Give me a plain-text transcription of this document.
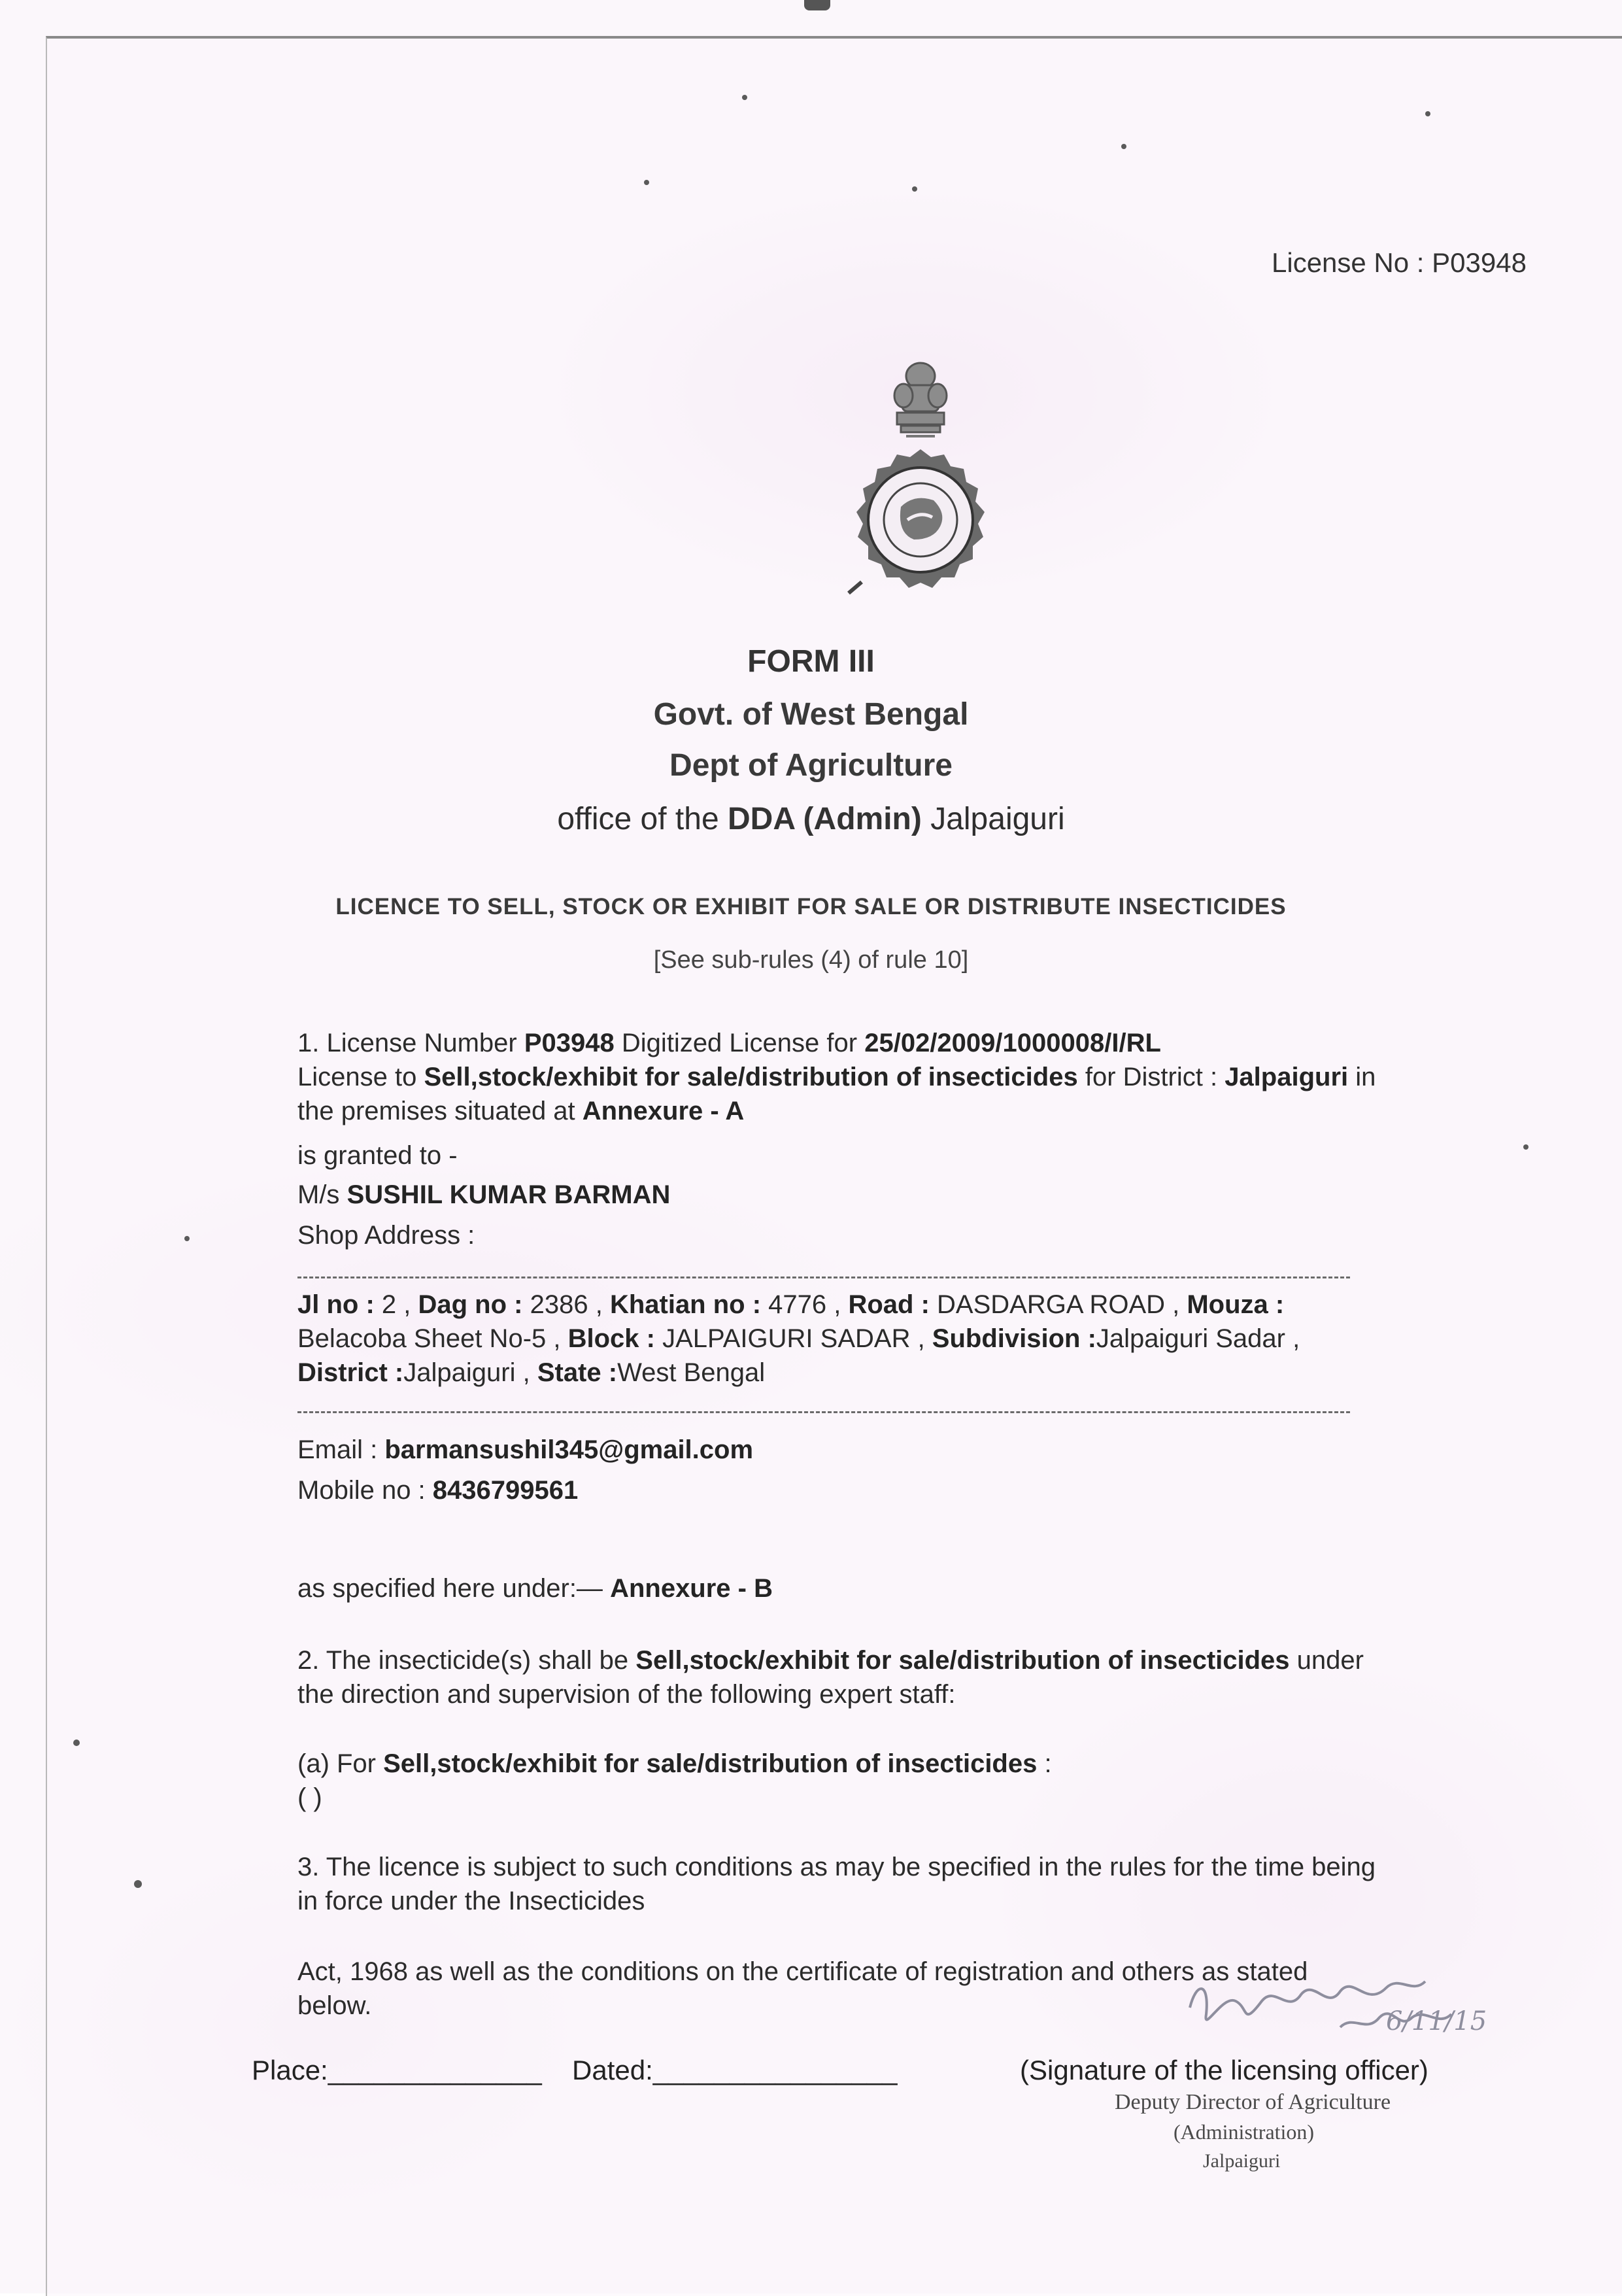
License No : P03948
FORM III
Govt. of West Bengal
Dept of Agriculture
office of the DDA (Admin) Jalpaiguri
LICENCE TO SELL, STOCK OR EXHIBIT FOR SALE OR DISTRIBUTE INSECTICIDES
[See sub-rules (4) of rule 10]
1. License Number P03948 Digitized License for 25/02/2009/1000008/I/RL
License to Sell,stock/exhibit for sale/distribution of insecticides for District : Jalpaiguri in
the premises situated at Annexure - A
is granted to -
M/s SUSHIL KUMAR BARMAN
Shop Address :
Jl no : 2 , Dag no : 2386 , Khatian no : 4776 , Road : DASDARGA ROAD , Mouza :
Belacoba Sheet No-5 , Block : JALPAIGURI SADAR , Subdivision :Jalpaiguri Sadar ,
District :Jalpaiguri , State :West Bengal
Email : barmansushil345@gmail.com
Mobile no : 8436799561
as specified here under:— Annexure - B
2. The insecticide(s) shall be Sell,stock/exhibit for sale/distribution of insecticides under
the direction and supervision of the following expert staff:
(a) For Sell,stock/exhibit for sale/distribution of insecticides :
( )
3. The licence is subject to such conditions as may be specified in the rules for the time being
in force under the Insecticides
Act, 1968 as well as the conditions on the certificate of registration and others as stated
below.
Place:______________ Dated:________________	(Signature of the licensing officer)
6/11/15
Deputy Director of Agriculture
(Administration)
Jalpaiguri
